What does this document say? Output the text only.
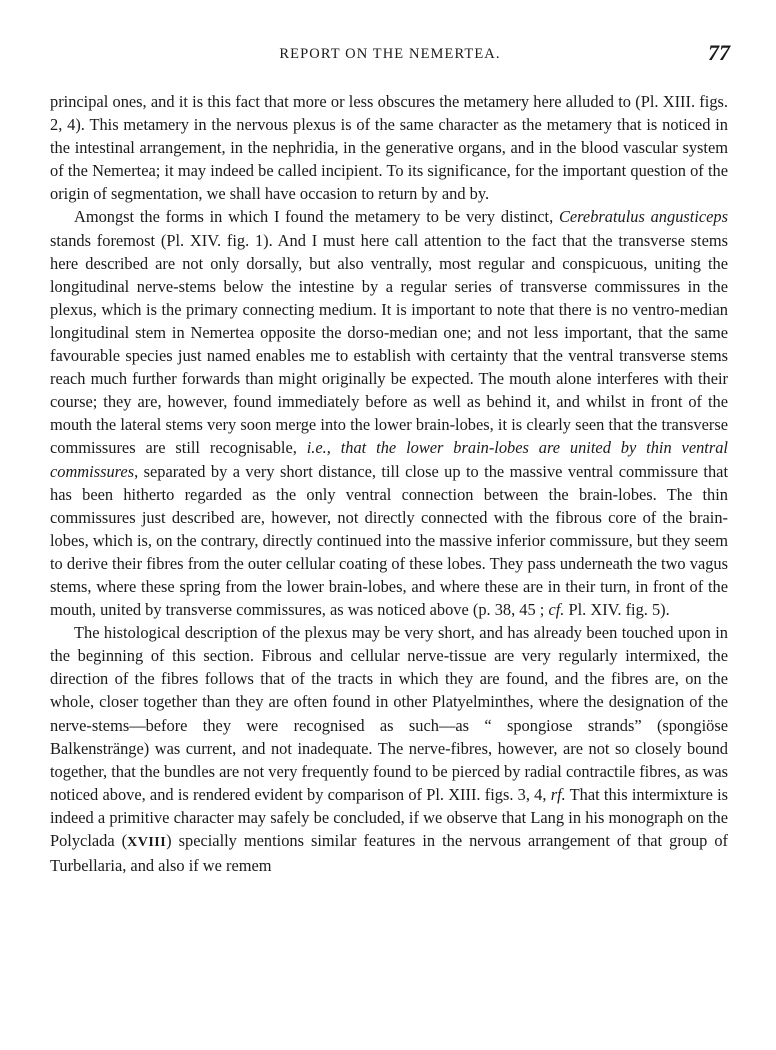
REPORT ON THE NEMERTEA.	77

principal ones, and it is this fact that more or less obscures the metamery here alluded to (Pl. XIII. figs. 2, 4). This metamery in the nervous plexus is of the same character as the metamery that is noticed in the intestinal arrangement, in the nephridia, in the generative organs, and in the blood vascular system of the Nemertea; it may indeed be called incipient. To its significance, for the important question of the origin of segmentation, we shall have occasion to return by and by.

Amongst the forms in which I found the metamery to be very distinct, Cerebratulus angusticeps stands foremost (Pl. XIV. fig. 1). And I must here call attention to the fact that the transverse stems here described are not only dorsally, but also ventrally, most regular and conspicuous, uniting the longitudinal nerve-stems below the intestine by a regular series of transverse commissures in the plexus, which is the primary connecting medium. It is important to note that there is no ventro-median longitudinal stem in Nemertea opposite the dorso-median one; and not less important, that the same favourable species just named enables me to establish with certainty that the ventral transverse stems reach much further forwards than might originally be expected. The mouth alone interferes with their course; they are, however, found immediately before as well as behind it, and whilst in front of the mouth the lateral stems very soon merge into the lower brain-lobes, it is clearly seen that the transverse commissures are still recognisable, i.e., that the lower brain-lobes are united by thin ventral commissures, separated by a very short distance, till close up to the massive ventral commissure that has been hitherto regarded as the only ventral connection between the brain-lobes. The thin commissures just described are, however, not directly connected with the fibrous core of the brain-lobes, which is, on the contrary, directly continued into the massive inferior commissure, but they seem to derive their fibres from the outer cellular coating of these lobes. They pass underneath the two vagus stems, where these spring from the lower brain-lobes, and where these are in their turn, in front of the mouth, united by transverse commissures, as was noticed above (p. 38, 45 ; cf. Pl. XIV. fig. 5).

The histological description of the plexus may be very short, and has already been touched upon in the beginning of this section. Fibrous and cellular nerve-tissue are very regularly intermixed, the direction of the fibres follows that of the tracts in which they are found, and the fibres are, on the whole, closer together than they are often found in other Platyelminthes, where the designation of the nerve-stems—before they were recognised as such—as “ spongiose strands” (spongiöse Balkenstränge) was current, and not inadequate. The nerve-fibres, however, are not so closely bound together, that the bundles are not very frequently found to be pierced by radial contractile fibres, as was noticed above, and is rendered evident by comparison of Pl. XIII. figs. 3, 4, rf. That this intermixture is indeed a primitive character may safely be concluded, if we observe that Lang in his monograph on the Polyclada (XVIII) specially mentions similar features in the nervous arrangement of that group of Turbellaria, and also if we remem
